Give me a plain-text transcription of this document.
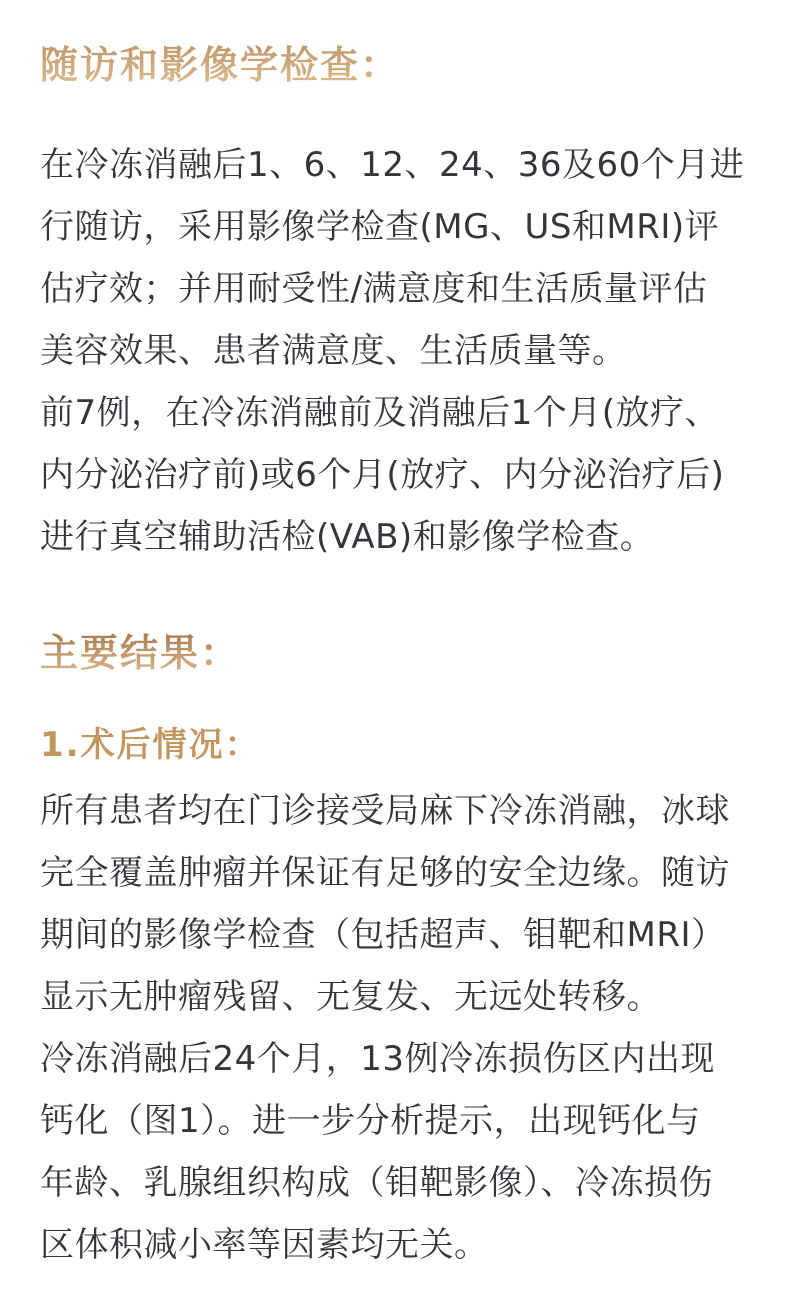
随访和影像学检查：
在冷冻消融后1、6、12、24、36及60个月进
行随访，采用影像学检查(MG、US和MRI)评
估疗效；并用耐受性/满意度和生活质量评估
美容效果、患者满意度、生活质量等。
前7例，在冷冻消融前及消融后1个月(放疗、
内分泌治疗前)或6个月(放疗、内分泌治疗后)
进行真空辅助活检(VAB)和影像学检查。
主要结果：
1.术后情况：
所有患者均在门诊接受局麻下冷冻消融，冰球
完全覆盖肿瘤并保证有足够的安全边缘。随访
期间的影像学检查（包括超声、钼靶和MRI）
显示无肿瘤残留、无复发、无远处转移。
冷冻消融后24个月，13例冷冻损伤区内出现
钙化（图1）。进一步分析提示，出现钙化与
年龄、乳腺组织构成（钼靶影像）、冷冻损伤
区体积减小率等因素均无关。
